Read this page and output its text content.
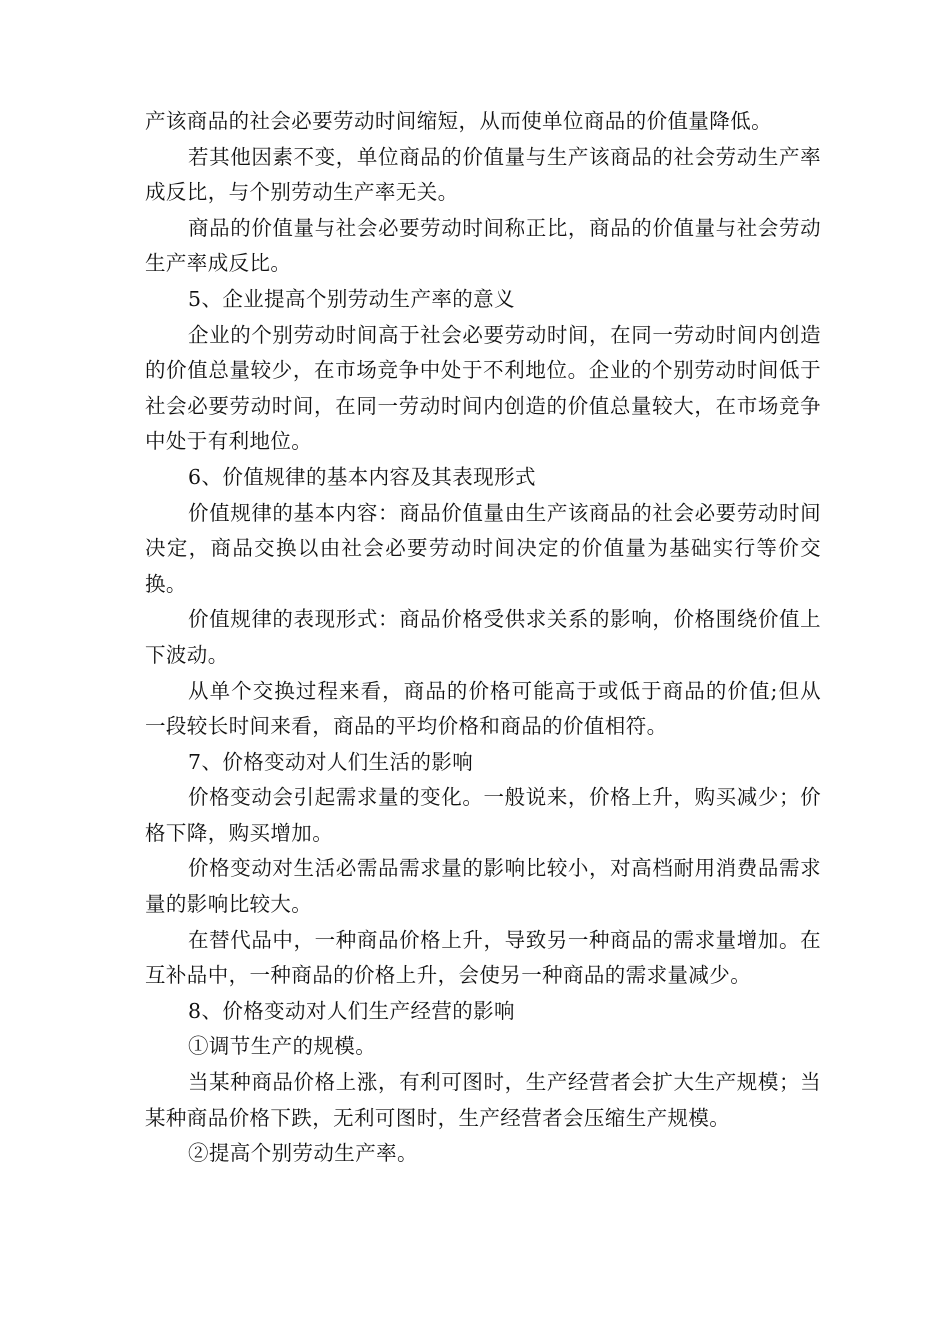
产该商品的社会必要劳动时间缩短，从而使单位商品的价值量降低。

若其他因素不变，单位商品的价值量与生产该商品的社会劳动生产率成反比，与个别劳动生产率无关。

商品的价值量与社会必要劳动时间称正比，商品的价值量与社会劳动生产率成反比。

5、企业提高个别劳动生产率的意义

企业的个别劳动时间高于社会必要劳动时间，在同一劳动时间内创造的价值总量较少，在市场竞争中处于不利地位。企业的个别劳动时间低于社会必要劳动时间，在同一劳动时间内创造的价值总量较大，在市场竞争中处于有利地位。

6、价值规律的基本内容及其表现形式

价值规律的基本内容：商品价值量由生产该商品的社会必要劳动时间决定，商品交换以由社会必要劳动时间决定的价值量为基础实行等价交换。

价值规律的表现形式：商品价格受供求关系的影响，价格围绕价值上下波动。

从单个交换过程来看，商品的价格可能高于或低于商品的价值;但从一段较长时间来看，商品的平均价格和商品的价值相符。

7、价格变动对人们生活的影响

价格变动会引起需求量的变化。一般说来，价格上升，购买减少；价格下降，购买增加。

价格变动对生活必需品需求量的影响比较小，对高档耐用消费品需求量的影响比较大。

在替代品中，一种商品价格上升，导致另一种商品的需求量增加。在互补品中，一种商品的价格上升，会使另一种商品的需求量减少。

8、价格变动对人们生产经营的影响

①调节生产的规模。

当某种商品价格上涨，有利可图时，生产经营者会扩大生产规模；当某种商品价格下跌，无利可图时，生产经营者会压缩生产规模。

②提高个别劳动生产率。
